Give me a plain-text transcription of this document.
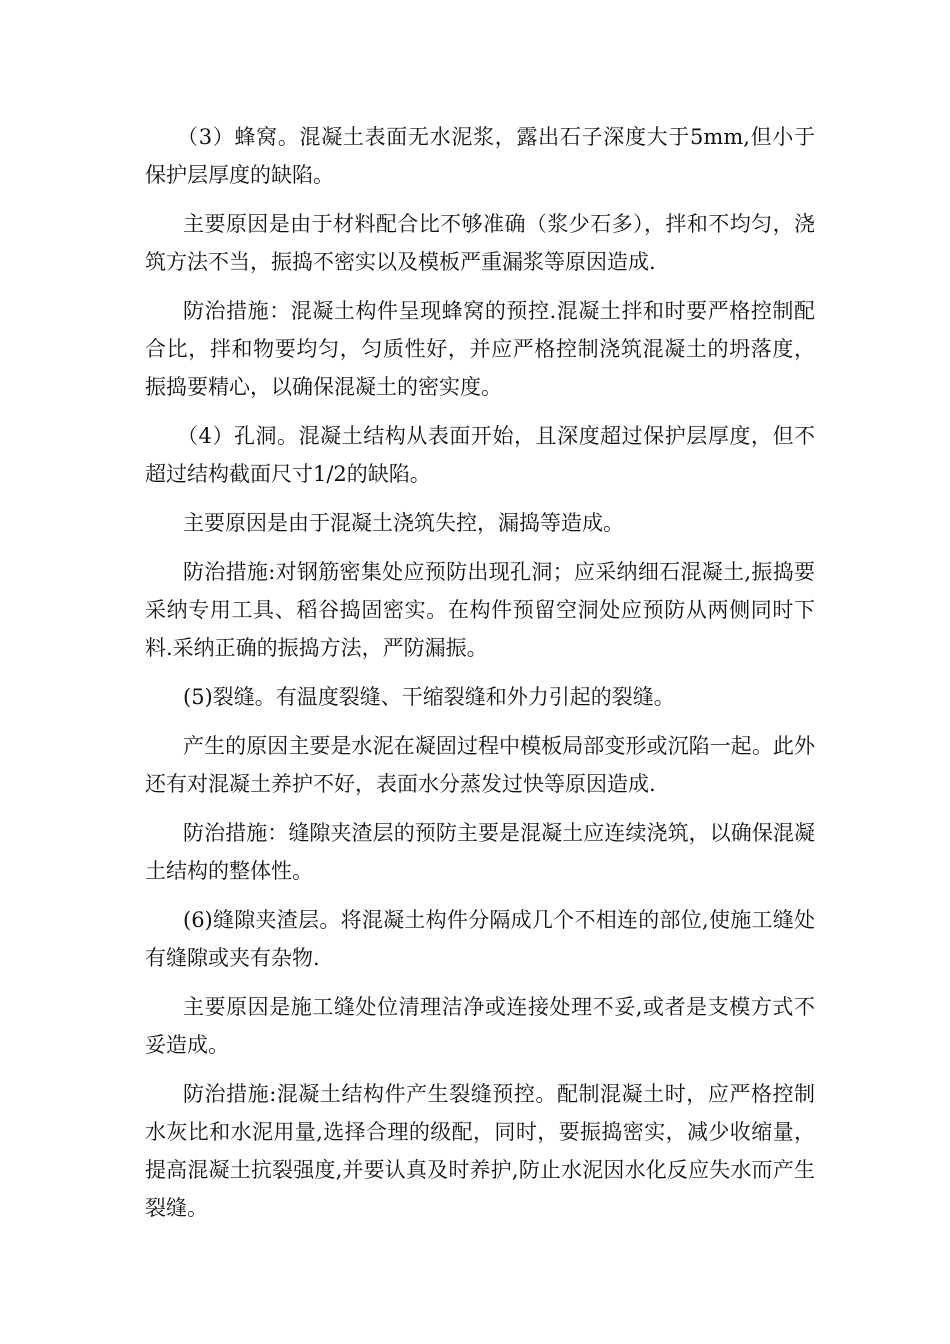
（3）蜂窝。混凝土表面无水泥浆，露出石子深度大于5mm,但小于保护层厚度的缺陷。

主要原因是由于材料配合比不够准确（浆少石多），拌和不均匀，浇筑方法不当，振捣不密实以及模板严重漏浆等原因造成.

防治措施：混凝土构件呈现蜂窝的预控.混凝土拌和时要严格控制配合比，拌和物要均匀，匀质性好，并应严格控制浇筑混凝土的坍落度，振捣要精心，以确保混凝土的密实度。

（4）孔洞。混凝土结构从表面开始，且深度超过保护层厚度，但不超过结构截面尺寸1/2的缺陷。

主要原因是由于混凝土浇筑失控，漏捣等造成。

防治措施:对钢筋密集处应预防出现孔洞；应采纳细石混凝土,振捣要采纳专用工具、稻谷捣固密实。在构件预留空洞处应预防从两侧同时下料.采纳正确的振捣方法，严防漏振。

(5)裂缝。有温度裂缝、干缩裂缝和外力引起的裂缝。

产生的原因主要是水泥在凝固过程中模板局部变形或沉陷一起。此外还有对混凝土养护不好，表面水分蒸发过快等原因造成.

防治措施：缝隙夹渣层的预防主要是混凝土应连续浇筑，以确保混凝土结构的整体性。

(6)缝隙夹渣层。将混凝土构件分隔成几个不相连的部位,使施工缝处有缝隙或夹有杂物.

主要原因是施工缝处位清理洁净或连接处理不妥,或者是支模方式不妥造成。

防治措施:混凝土结构件产生裂缝预控。配制混凝土时，应严格控制水灰比和水泥用量,选择合理的级配，同时，要振捣密实，减少收缩量，提高混凝土抗裂强度,并要认真及时养护,防止水泥因水化反应失水而产生裂缝。
